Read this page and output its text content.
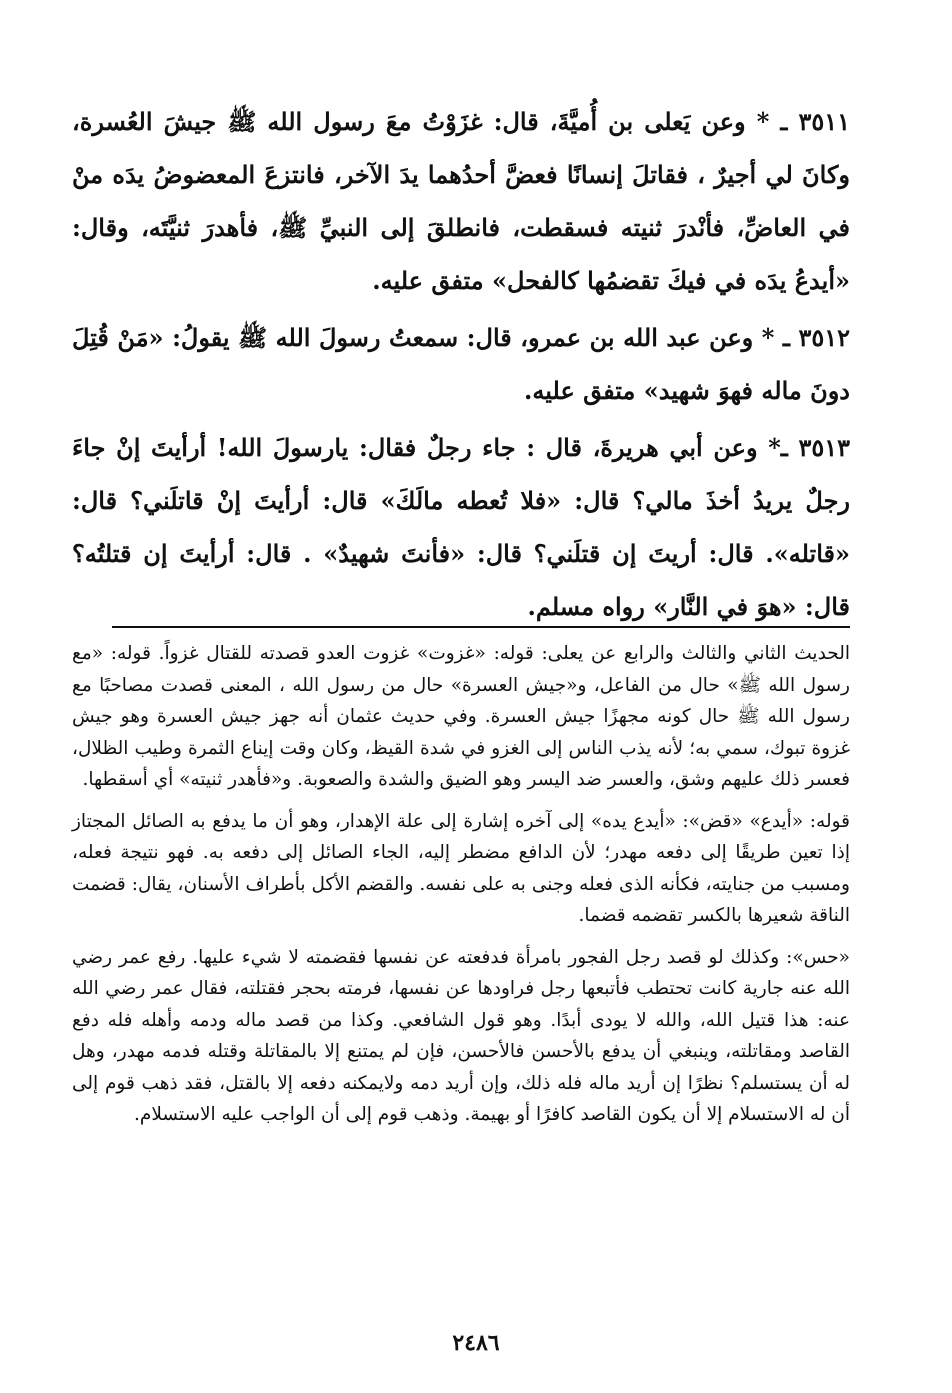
٣٥١١ ـ * وعن يَعلى بن أُميَّةَ، قال: غزَوْتُ معَ رسول الله ﷺ جيشَ العُسرة، وكانَ لي أجيرٌ ، فقاتلَ إنسانًا فعضَّ أحدُهما يدَ الآخر، فانتزعَ المعضوضُ يدَه منْ في العاضِّ، فأنْدرَ ثنيته فسقطت، فانطلقَ إلى النبيِّ ﷺ، فأهدرَ ثنيَّتَه، وقال: «أيدعُ يدَه في فيكَ تقضمُها كالفحل» متفق عليه.

٣٥١٢ ـ * وعن عبد الله بن عمرو، قال: سمعتُ رسولَ الله ﷺ يقولُ: «مَنْ قُتِلَ دونَ ماله فهوَ شهيد» متفق عليه.

٣٥١٣ ـ* وعن أبي هريرةَ، قال : جاء رجلٌ فقال: يارسولَ الله! أرأيتَ إنْ جاءَ رجلٌ يريدُ أخذَ مالي؟ قال: «فلا تُعطه مالَكَ» قال: أرأيتَ إنْ قاتلَني؟ قال: «قاتله». قال: أريتَ إن قتلَني؟ قال: «فأنتَ شهيدٌ» . قال: أرأيتَ إن قتلتُه؟ قال: «هوَ في النَّار» رواه مسلم.

الحديث الثاني والثالث والرابع عن يعلى: قوله: «غزوت» غزوت العدو قصدته للقتال غزواً. قوله: «مع رسول الله ﷺ» حال من الفاعل، و«جيش العسرة» حال من رسول الله ، المعنى قصدت مصاحبًا مع رسول الله ﷺ حال كونه مجهزًا جيش العسرة. وفي حديث عثمان أنه جهز جيش العسرة وهو جيش غزوة تبوك، سمي به؛ لأنه يذب الناس إلى الغزو في شدة القيظ، وكان وقت إيناع الثمرة وطيب الظلال، فعسر ذلك عليهم وشق، والعسر ضد اليسر وهو الضيق والشدة والصعوبة. و«فأهدر ثنيته» أي أسقطها.

قوله: «أيدع» «قض»: «أيدع يده» إلى آخره إشارة إلى علة الإهدار، وهو أن ما يدفع به الصائل المجتاز إذا تعين طريقًا إلى دفعه مهدر؛ لأن الدافع مضطر إليه، الجاء الصائل إلى دفعه به. فهو نتيجة فعله، ومسبب من جنايته، فكأنه الذى فعله وجنى به على نفسه. والقضم الأكل بأطراف الأسنان، يقال: قضمت الناقة شعيرها بالكسر تقضمه قضما.

«حس»: وكذلك لو قصد رجل الفجور بامرأة فدفعته عن نفسها فقضمته لا شيء عليها. رفع عمر رضي الله عنه جارية كانت تحتطب فأتبعها رجل فراودها عن نفسها، فرمته بحجر فقتلته، فقال عمر رضي الله عنه: هذا قتيل الله، والله لا يودى أبدًا. وهو قول الشافعي. وكذا من قصد ماله ودمه وأهله فله دفع القاصد ومقاتلته، وينبغي أن يدفع بالأحسن فالأحسن، فإن لم يمتنع إلا بالمقاتلة وقتله فدمه مهدر، وهل له أن يستسلم؟ نظرًا إن أريد ماله فله ذلك، وإن أريد دمه ولايمكنه دفعه إلا بالقتل، فقد ذهب قوم إلى أن له الاستسلام إلا أن يكون القاصد كافرًا أو بهيمة. وذهب قوم إلى أن الواجب عليه الاستسلام.

٢٤٨٦
